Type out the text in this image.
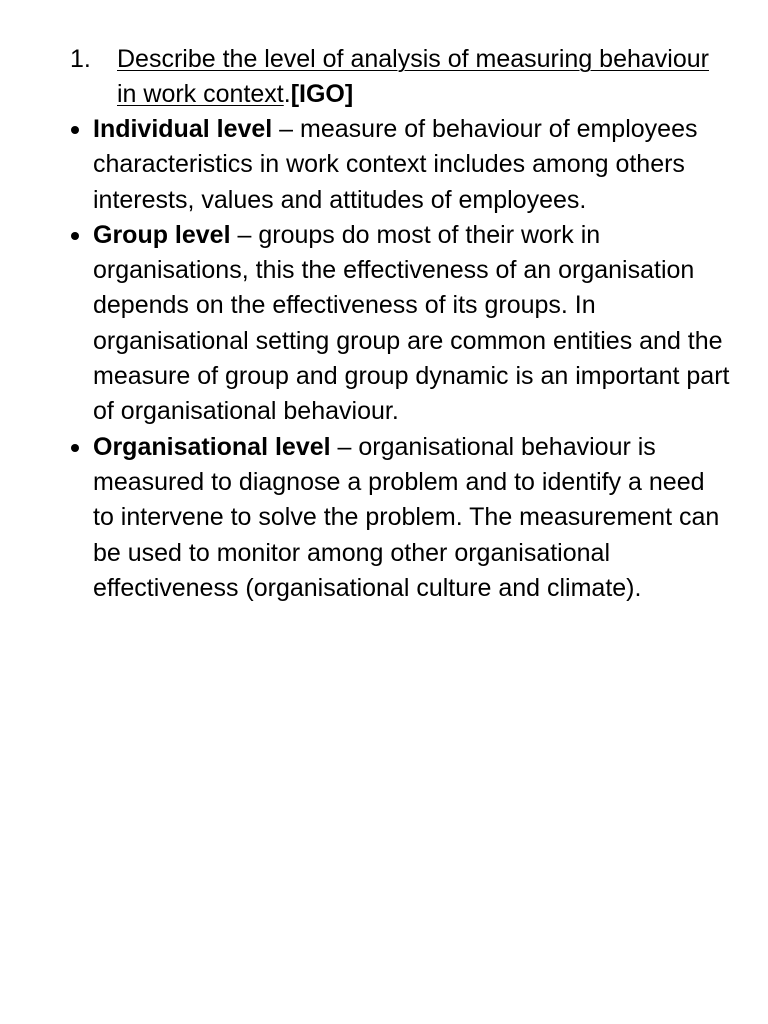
1. Describe the level of analysis of measuring behaviour in work context.[IGO]
Individual level – measure of behaviour of employees characteristics in work context includes among others interests, values and attitudes of employees.
Group level – groups do most of their work in organisations, this the effectiveness of an organisation depends on the effectiveness of its groups. In organisational setting group are common entities and the measure of group and group dynamic is an important part of organisational behaviour.
Organisational level – organisational behaviour is measured to diagnose a problem and to identify a need to intervene to solve the problem. The measurement can be used to monitor among other organisational effectiveness (organisational culture and climate).
